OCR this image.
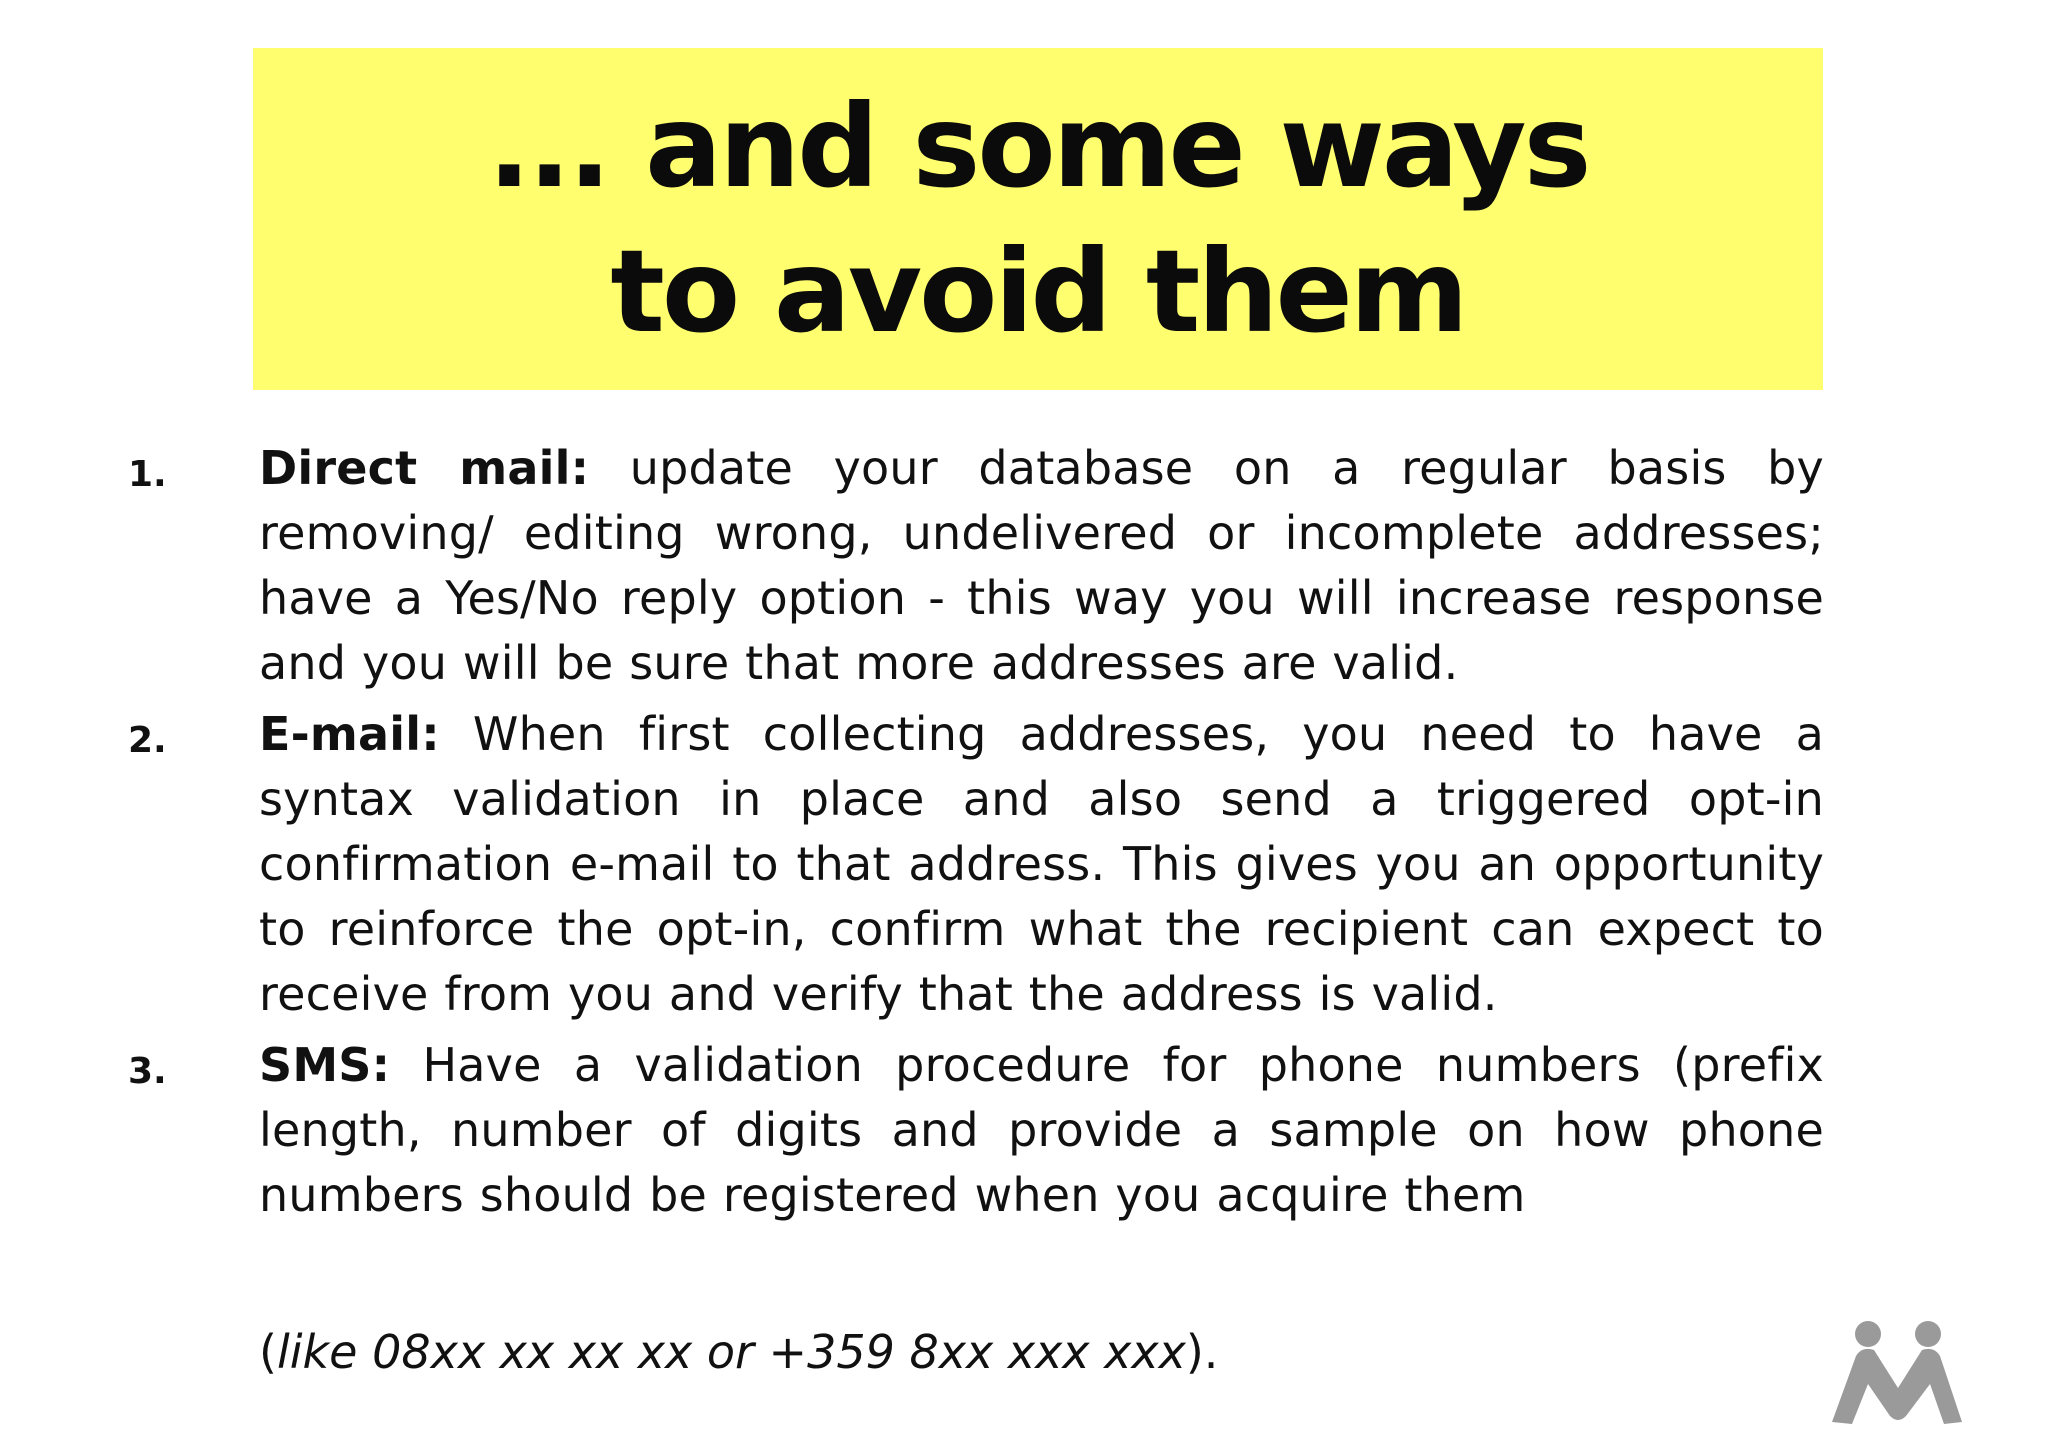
... and some ways
to avoid them
1. Direct mail: update your database on a regular basis by removing/ editing wrong, undelivered or incomplete addresses; have a Yes/No reply option - this way you will increase response and you will be sure that more addresses are valid.
2. E-mail: When first collecting addresses, you need to have a syntax validation in place and also send a triggered opt-in confirmation e-mail to that address. This gives you an opportunity to reinforce the opt-in, confirm what the recipient can expect to receive from you and verify that the address is valid.
3. SMS: Have a validation procedure for phone numbers (prefix length, number of digits and provide a sample on how phone numbers should be registered when you acquire them
(like 08xx xx xx xx or +359 8xx xxx xxx).
